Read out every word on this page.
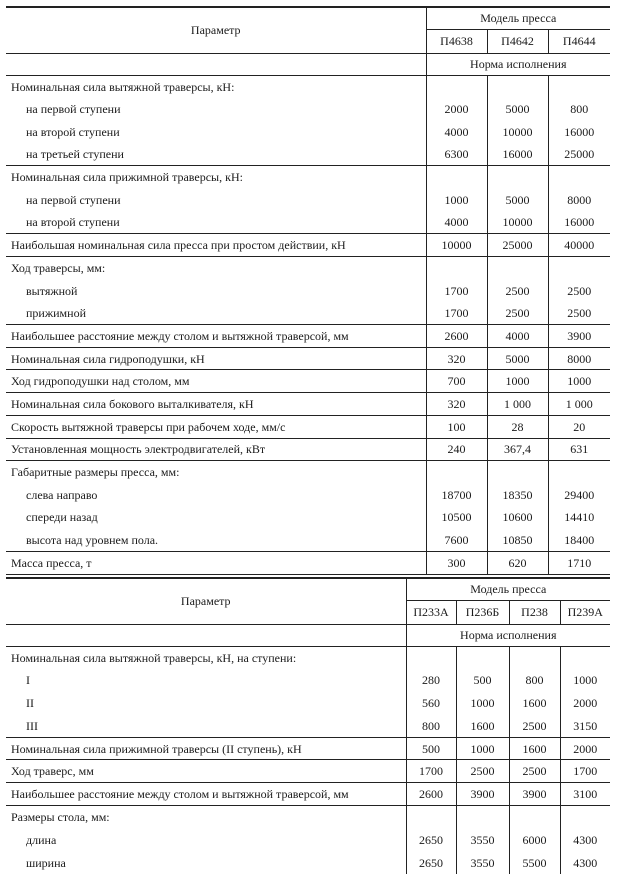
Параметр	Модель пресса		
	П4638	П4642	П4644
	Норма исполнения		
Номинальная сила вытяжной траверсы, кН:			
на первой ступени	2000	5000	800
на второй ступени	4000	10000	16000
на третьей ступени	6300	16000	25000
Номинальная сила прижимной траверсы, кН:			
на первой ступени	1000	5000	8000
на второй ступени	4000	10000	16000
Наибольшая номинальная сила пресса при простом действии, кН	10000	25000	40000
Ход траверсы, мм:			
вытяжной	1700	2500	2500
прижимной	1700	2500	2500
Наибольшее расстояние между столом и вытяжной траверсой, мм	2600	4000	3900
Номинальная сила гидроподушки, кН	320	5000	8000
Ход гидроподушки над столом, мм	700	1000	1000
Номинальная сила бокового выталкивателя, кН	320	1 000	1 000
Скорость вытяжной траверсы при рабочем ходе, мм/с	100	28	20
Установленная мощность электродвигателей, кВт	240	367,4	631
Габаритные размеры пресса, мм:			
слева направо	18700	18350	29400
спереди назад	10500	10600	14410
высота над уровнем пола.	7600	10850	18400
Масса пресса, т	300	620	1710
Параметр	Модель пресса			
	П233А	П236Б	П238	П239А
	Норма исполнения			
Номинальная сила вытяжной траверсы, кН, на ступени:				
I	280	500	800	1000
II	560	1000	1600	2000
III	800	1600	2500	3150
Номинальная сила прижимной траверсы (II ступень), кН	500	1000	1600	2000
Ход траверс, мм	1700	2500	2500	1700
Наибольшее расстояние между столом и вытяжной траверсой, мм	2600	3900	3900	3100
Размеры стола, мм:				
длина	2650	3550	6000	4300
ширина	2650	3550	5500	4300
